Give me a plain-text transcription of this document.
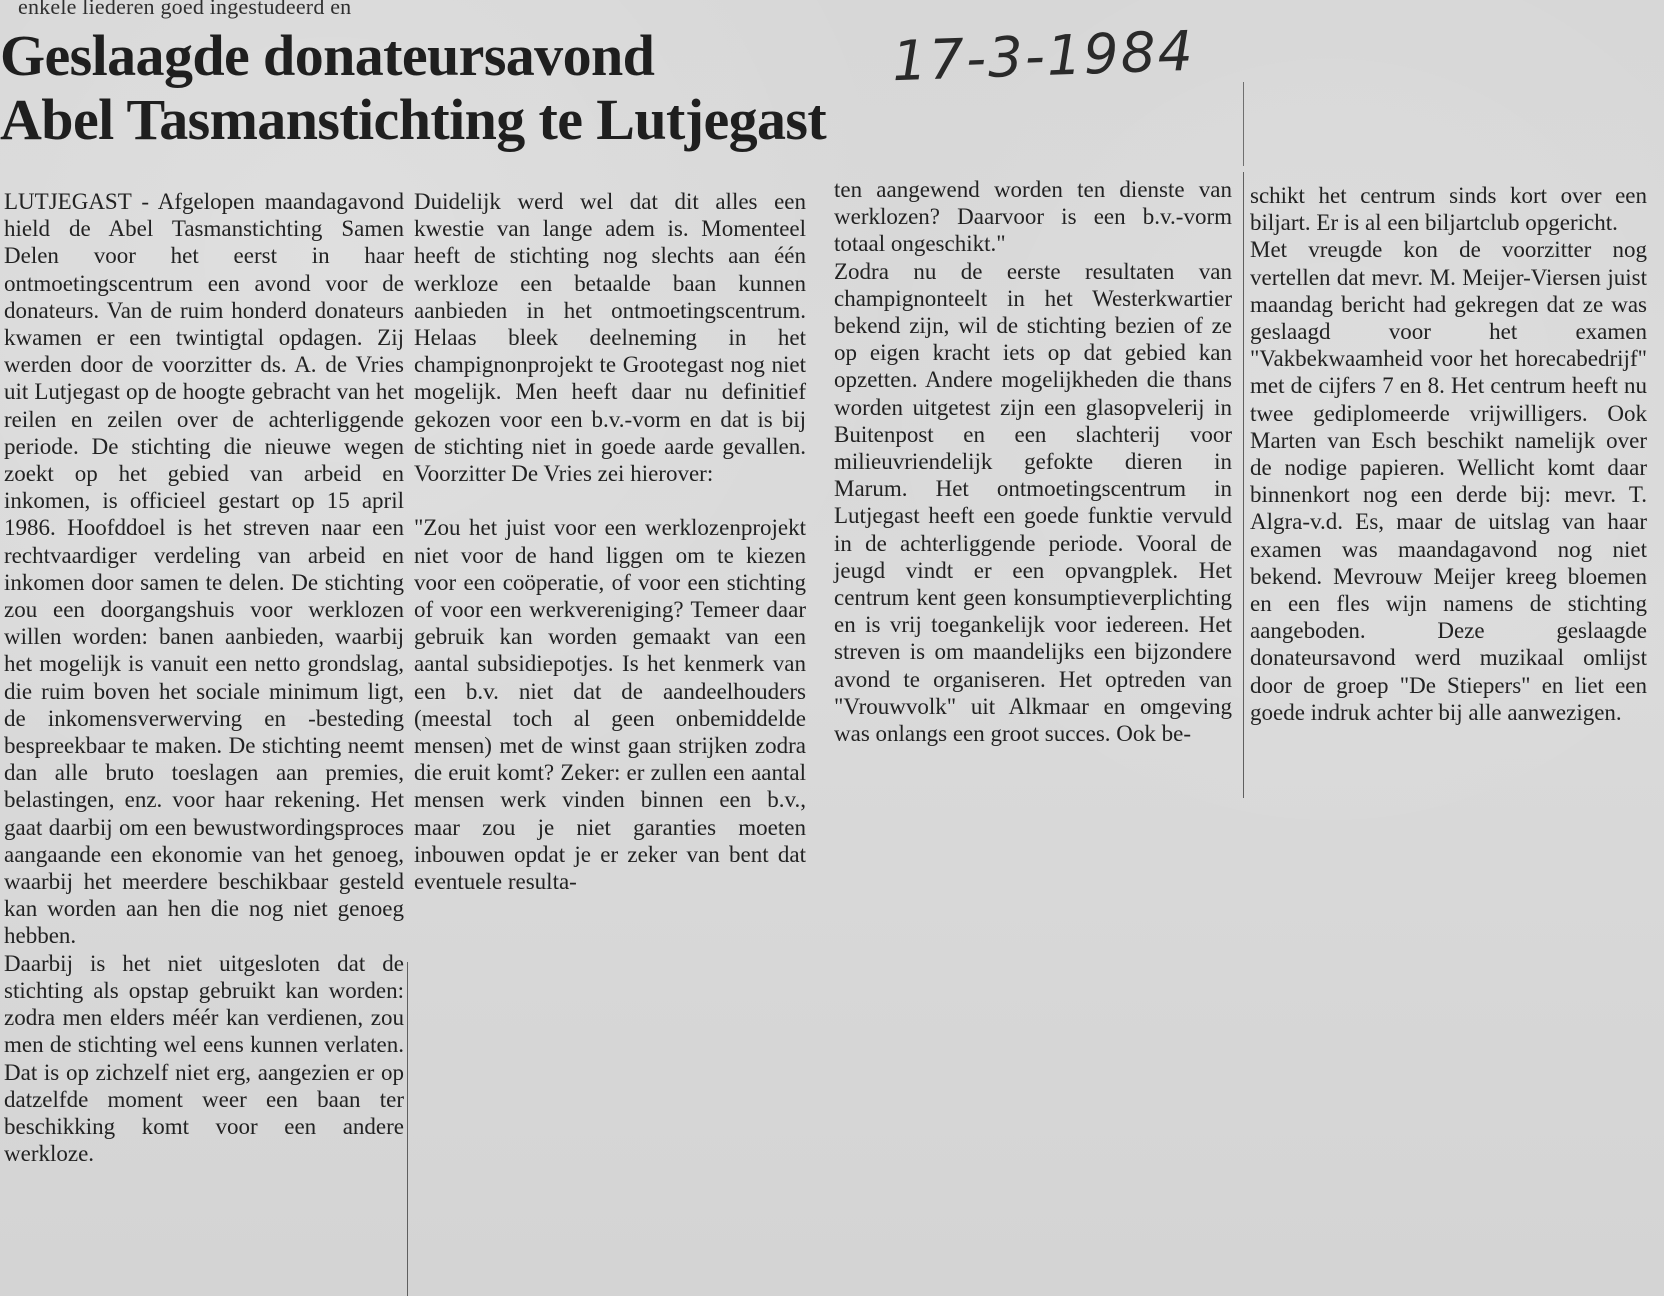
enkele liederen goed ingestudeerd en
Geslaagde donateursavond
Abel Tasmanstichting te Lutjegast
17-3-1984
LUTJEGAST - Afgelopen maandagavond hield de Abel Tasmanstichting Samen Delen voor het eerst in haar ontmoetingscentrum een avond voor de donateurs. Van de ruim honderd donateurs kwamen er een twintigtal opdagen. Zij werden door de voorzitter ds. A. de Vries uit Lutjegast op de hoogte gebracht van het reilen en zeilen over de achterliggende periode. De stichting die nieuwe wegen zoekt op het gebied van arbeid en inkomen, is officieel gestart op 15 april 1986. Hoofddoel is het streven naar een rechtvaardiger verdeling van arbeid en inkomen door samen te delen. De stichting zou een doorgangshuis voor werklozen willen worden: banen aanbieden, waarbij het mogelijk is vanuit een netto grondslag, die ruim boven het sociale minimum ligt, de inkomensverwerving en -besteding bespreekbaar te maken. De stichting neemt dan alle bruto toeslagen aan premies, belastingen, enz. voor haar rekening. Het gaat daarbij om een bewustwordingsproces aangaande een ekonomie van het genoeg, waarbij het meerdere beschikbaar gesteld kan worden aan hen die nog niet genoeg hebben.
Daarbij is het niet uitgesloten dat de stichting als opstap gebruikt kan worden: zodra men elders méér kan verdienen, zou men de stichting wel eens kunnen verlaten. Dat is op zichzelf niet erg, aangezien er op datzelfde moment weer een baan ter beschikking komt voor een andere werkloze.
Duidelijk werd wel dat dit alles een kwestie van lange adem is. Momenteel heeft de stichting nog slechts aan één werkloze een betaalde baan kunnen aanbieden in het ontmoetingscentrum. Helaas bleek deelneming in het champignonprojekt te Grootegast nog niet mogelijk. Men heeft daar nu definitief gekozen voor een b.v.-vorm en dat is bij de stichting niet in goede aarde gevallen. Voorzitter De Vries zei hierover:

"Zou het juist voor een werklozenprojekt niet voor de hand liggen om te kiezen voor een coöperatie, of voor een stichting of voor een werkvereniging? Temeer daar gebruik kan worden gemaakt van een aantal subsidiepotjes. Is het kenmerk van een b.v. niet dat de aandeelhouders (meestal toch al geen onbemiddelde mensen) met de winst gaan strijken zodra die eruit komt? Zeker: er zullen een aantal mensen werk vinden binnen een b.v., maar zou je niet garanties moeten inbouwen opdat je er zeker van bent dat eventuele resulta-
ten aangewend worden ten dienste van werklozen? Daarvoor is een b.v.-vorm totaal ongeschikt."
Zodra nu de eerste resultaten van champignonteelt in het Westerkwartier bekend zijn, wil de stichting bezien of ze op eigen kracht iets op dat gebied kan opzetten. Andere mogelijkheden die thans worden uitgetest zijn een glasopvelerij in Buitenpost en een slachterij voor milieuvriendelijk gefokte dieren in Marum. Het ontmoetingscentrum in Lutjegast heeft een goede funktie vervuld in de achterliggende periode. Vooral de jeugd vindt er een opvangplek. Het centrum kent geen konsumptieverplichting en is vrij toegankelijk voor iedereen. Het streven is om maandelijks een bijzondere avond te organiseren. Het optreden van "Vrouwvolk" uit Alkmaar en omgeving was onlangs een groot succes. Ook be-
schikt het centrum sinds kort over een biljart. Er is al een biljartclub opgericht.
Met vreugde kon de voorzitter nog vertellen dat mevr. M. Meijer-Viersen juist maandag bericht had gekregen dat ze was geslaagd voor het examen "Vakbekwaamheid voor het horecabedrijf" met de cijfers 7 en 8. Het centrum heeft nu twee gediplomeerde vrijwilligers. Ook Marten van Esch beschikt namelijk over de nodige papieren. Wellicht komt daar binnenkort nog een derde bij: mevr. T. Algra-v.d. Es, maar de uitslag van haar examen was maandagavond nog niet bekend. Mevrouw Meijer kreeg bloemen en een fles wijn namens de stichting aangeboden. Deze geslaagde donateursavond werd muzikaal omlijst door de groep "De Stiepers" en liet een goede indruk achter bij alle aanwezigen.
